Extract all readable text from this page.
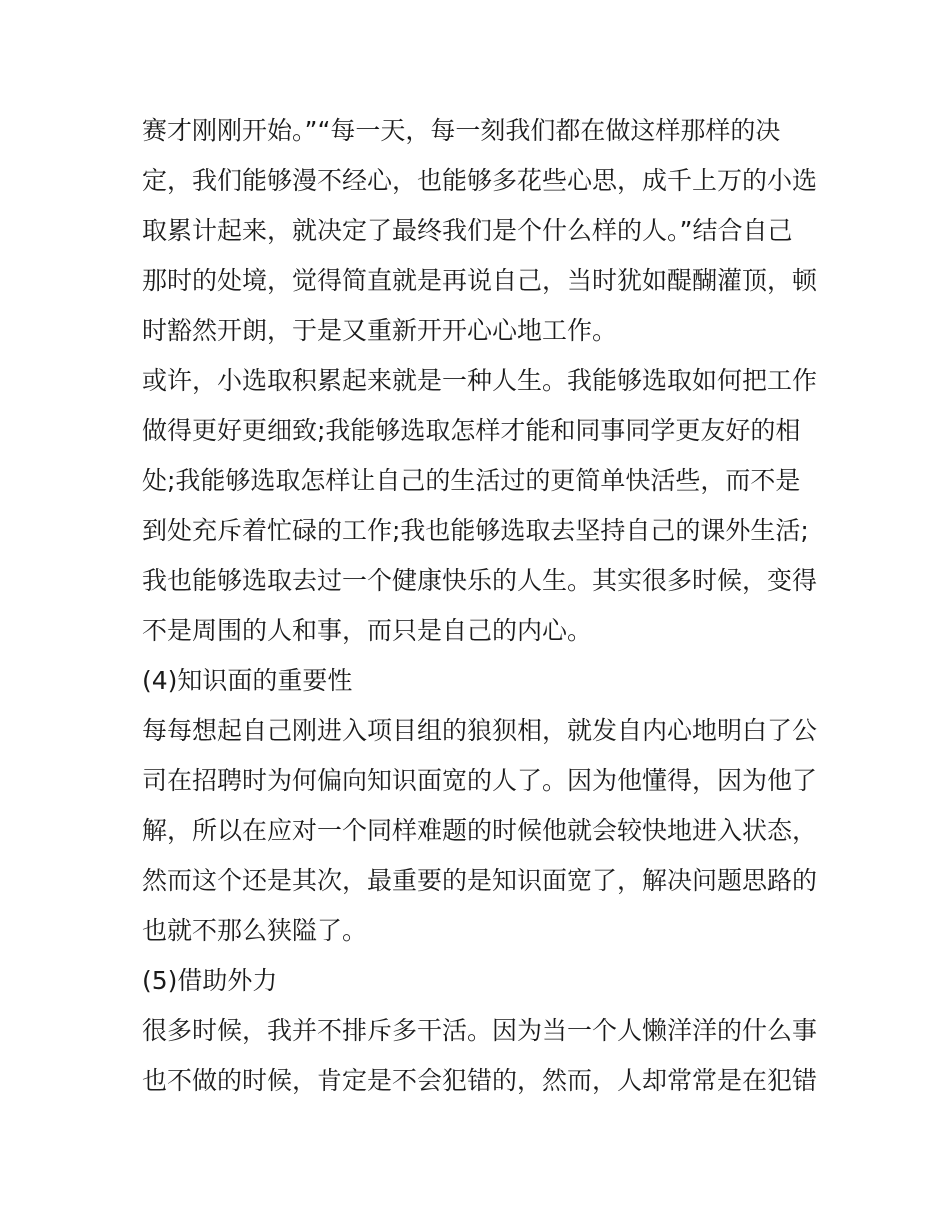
赛才刚刚开始。”“每一天，每一刻我们都在做这样那样的决
定，我们能够漫不经心，也能够多花些心思，成千上万的小选
取累计起来，就决定了最终我们是个什么样的人。”结合自己
那时的处境，觉得简直就是再说自己，当时犹如醍醐灌顶，顿
时豁然开朗，于是又重新开开心心地工作。
或许，小选取积累起来就是一种人生。我能够选取如何把工作
做得更好更细致;我能够选取怎样才能和同事同学更友好的相
处;我能够选取怎样让自己的生活过的更简单快活些，而不是
到处充斥着忙碌的工作;我也能够选取去坚持自己的课外生活;
我也能够选取去过一个健康快乐的人生。其实很多时候，变得
不是周围的人和事，而只是自己的内心。
(4)知识面的重要性
每每想起自己刚进入项目组的狼狈相，就发自内心地明白了公
司在招聘时为何偏向知识面宽的人了。因为他懂得，因为他了
解，所以在应对一个同样难题的时候他就会较快地进入状态，
然而这个还是其次，最重要的是知识面宽了，解决问题思路的
也就不那么狭隘了。
(5)借助外力
很多时候，我并不排斥多干活。因为当一个人懒洋洋的什么事
也不做的时候，肯定是不会犯错的，然而，人却常常是在犯错
